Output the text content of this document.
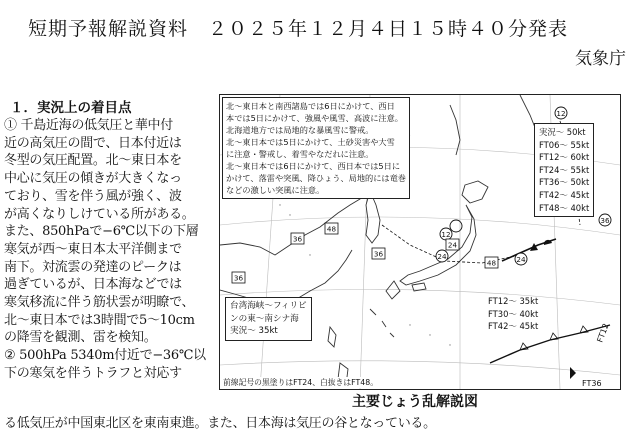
短期予報解説資料　２０２５年１２月４日１５時４０分発表
気象庁
１．実況上の着目点
① 千島近海の低気圧と華中付
近の高気圧の間で、日本付近は
冬型の気圧配置。北～東日本を
中心に気圧の傾きが大きくなっ
ており、雪を伴う風が強く、波
が高くなりしけている所がある。
また、850hPaで−6℃以下の下層
寒気が西～東日本太平洋側まで
南下。対流雲の発達のピークは
過ぎているが、日本海などでは
寒気移流に伴う筋状雲が明瞭で、
北～東日本では3時間で5～10cm
の降雪を観測、雷を検知。
② 500hPa 5340m付近で−36℃以
下の寒気を伴うトラフと対応す
る低気圧が中国東北区を東南東進。また、日本海は気圧の谷となっている。
12
12
36
24	24
36
36
48
36
48
24
FT12
FT36
北～東日本と南西諸島では6日にかけて、西日
本では5日にかけて、強風や風雪、高波に注意。
北海道地方では局地的な暴風雪に警戒。
北～東日本では5日にかけて、土砂災害や大雪
に注意・警戒し、着雪やなだれに注意。
北～東日本では6日にかけて、西日本では5日に
かけて、落雷や突風、降ひょう、局地的には竜巻
などの激しい突風に注意。
実況～ 50kt
FT06～ 55kt
FT12～ 60kt
FT24～ 55kt
FT36～ 50kt
FT42～ 45kt
FT48～ 40kt
台湾海峡～フィリピ
ンの東～南シナ海
実況～ 35kt
FT12～ 35kt
FT30～ 40kt
FT42～ 45kt
前線記号の黒塗りはFT24、白抜きはFT48。
主要じょう乱解説図
